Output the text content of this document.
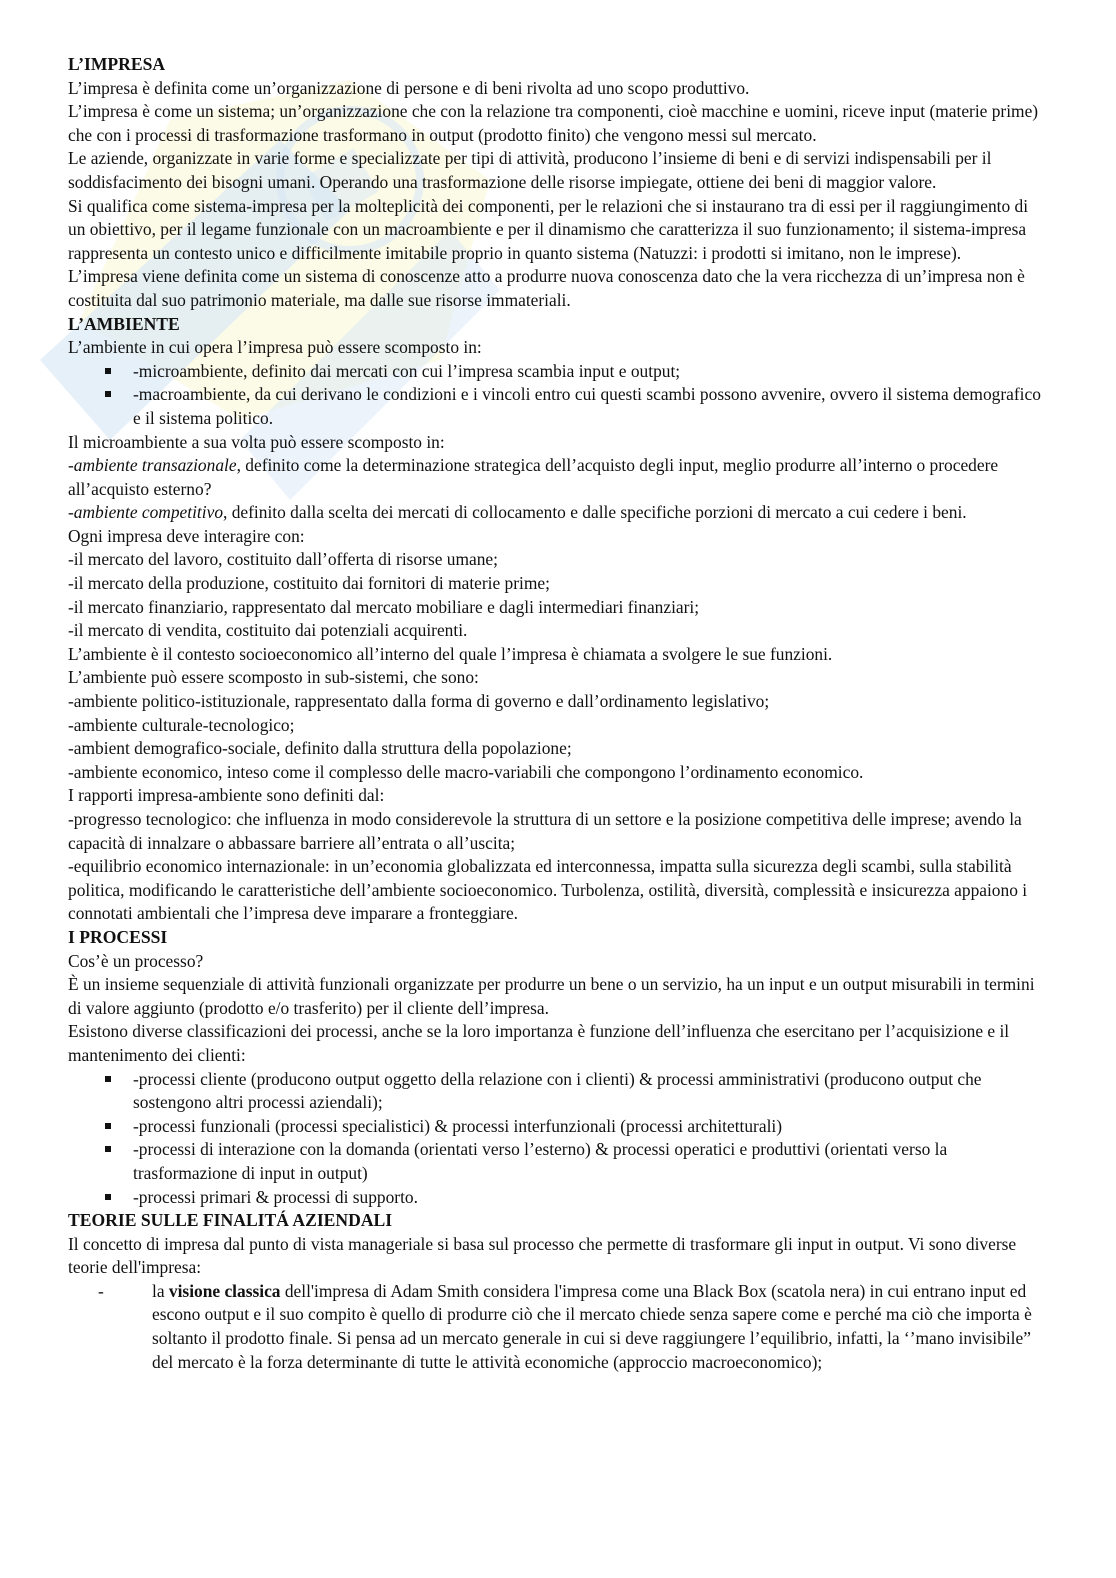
L’IMPRESA

L’impresa è definita come un’organizzazione di persone e di beni rivolta ad uno scopo produttivo.

L’impresa è come un sistema; un’organizzazione che con la relazione tra componenti, cioè macchine e uomini, riceve input (materie prime) che con i processi di trasformazione trasformano in output (prodotto finito) che vengono messi sul mercato.

Le aziende, organizzate in varie forme e specializzate per tipi di attività, producono l’insieme di beni e di servizi indispensabili per il soddisfacimento dei bisogni umani. Operando una trasformazione delle risorse impiegate, ottiene dei beni di maggior valore.

Si qualifica come sistema-impresa per la molteplicità dei componenti, per le relazioni che si instaurano tra di essi per il raggiungimento di un obiettivo, per il legame funzionale con un macroambiente e per il dinamismo che caratterizza il suo funzionamento; il sistema-impresa rappresenta un contesto unico e difficilmente imitabile proprio in quanto sistema (Natuzzi: i prodotti si imitano, non le imprese).

L’impresa viene definita come un sistema di conoscenze atto a produrre nuova conoscenza dato che la vera ricchezza di un’impresa non è costituita dal suo patrimonio materiale, ma dalle sue risorse immateriali.

L’AMBIENTE

L’ambiente in cui opera l’impresa può essere scomposto in:

-microambiente, definito dai mercati con cui l’impresa scambia input e output;
-macroambiente, da cui derivano le condizioni e i vincoli entro cui questi scambi possono avvenire, ovvero il sistema demografico e il sistema politico.

Il microambiente a sua volta può essere scomposto in:

-ambiente transazionale, definito come la determinazione strategica dell’acquisto degli input, meglio produrre all’interno o procedere all’acquisto esterno?

-ambiente competitivo, definito dalla scelta dei mercati di collocamento e dalle specifiche porzioni di mercato a cui cedere i beni.

Ogni impresa deve interagire con:

-il mercato del lavoro, costituito dall’offerta di risorse umane;

-il mercato della produzione, costituito dai fornitori di materie prime;

-il mercato finanziario, rappresentato dal mercato mobiliare e dagli intermediari finanziari;

-il mercato di vendita, costituito dai potenziali acquirenti.

L’ambiente è il contesto socioeconomico all’interno del quale l’impresa è chiamata a svolgere le sue funzioni.

L’ambiente può essere scomposto in sub-sistemi, che sono:

-ambiente politico-istituzionale, rappresentato dalla forma di governo e dall’ordinamento legislativo;

-ambiente culturale-tecnologico;

-ambient demografico-sociale, definito dalla struttura della popolazione;

-ambiente economico, inteso come il complesso delle macro-variabili che compongono l’ordinamento economico.

I rapporti impresa-ambiente sono definiti dal:

-progresso tecnologico: che influenza in modo considerevole la struttura di un settore e la posizione competitiva delle imprese; avendo la capacità di innalzare o abbassare barriere all’entrata o all’uscita;

-equilibrio economico internazionale: in un’economia globalizzata ed interconnessa, impatta sulla sicurezza degli scambi, sulla stabilità politica, modificando le caratteristiche dell’ambiente socioeconomico. Turbolenza, ostilità, diversità, complessità e insicurezza appaiono i connotati ambientali che l’impresa deve imparare a fronteggiare.

I PROCESSI

Cos’è un processo?

È un insieme sequenziale di attività funzionali organizzate per produrre un bene o un servizio, ha un input e un output misurabili in termini di valore aggiunto (prodotto e/o trasferito) per il cliente dell’impresa.

Esistono diverse classificazioni dei processi, anche se la loro importanza è funzione dell’influenza che esercitano per l’acquisizione e il mantenimento dei clienti:

-processi cliente (producono output oggetto della relazione con i clienti) & processi amministrativi (producono output che sostengono altri processi aziendali);
-processi funzionali (processi specialistici) & processi interfunzionali (processi architetturali)
-processi di interazione con la domanda (orientati verso l’esterno) & processi operatici e produttivi (orientati verso la trasformazione di input in output)
-processi primari & processi di supporto.
TEORIE SULLE FINALITÁ AZIENDALI

Il concetto di impresa dal punto di vista manageriale si basa sul processo che permette di trasformare gli input in output. Vi sono diverse teorie dell'impresa:

-	la visione classica dell'impresa di Adam Smith considera l'impresa come una Black Box (scatola nera) in cui entrano input ed escono output e il suo compito è quello di produrre ciò che il mercato chiede senza sapere come e perché ma ciò che importa è soltanto il prodotto finale. Si pensa ad un mercato generale in cui si deve raggiungere l’equilibrio, infatti, la ‘’mano invisibile” del mercato è la forza determinante di tutte le attività economiche (approccio macroeconomico);
